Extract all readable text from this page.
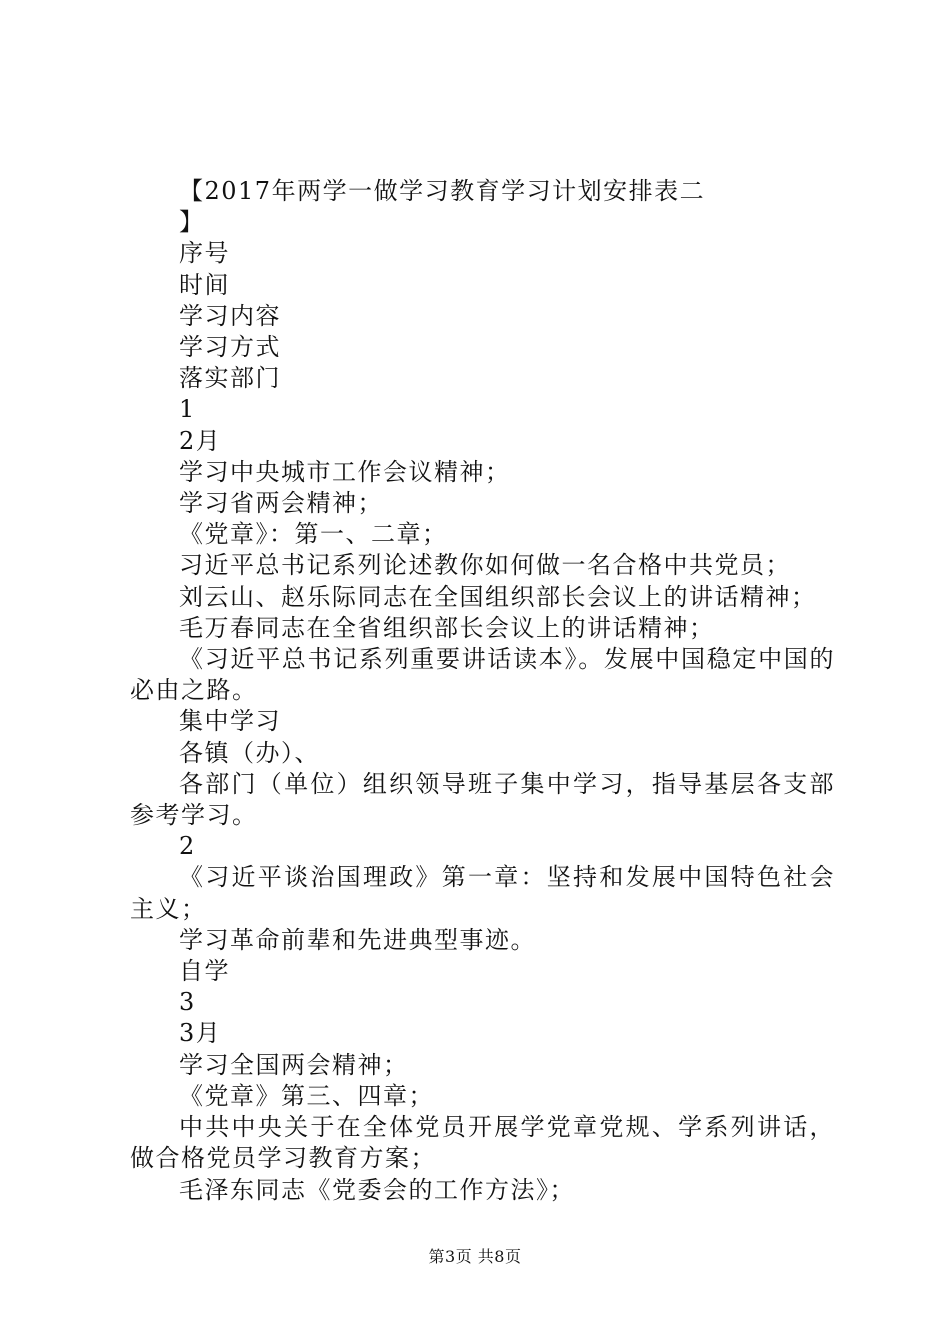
【2017年两学一做学习教育学习计划安排表二
】
序号
时间
学习内容
学习方式
落实部门
1
2月
学习中央城市工作会议精神；
学习省两会精神；
《党章》：第一、二章；
习近平总书记系列论述教你如何做一名合格中共党员；
刘云山、赵乐际同志在全国组织部长会议上的讲话精神；
毛万春同志在全省组织部长会议上的讲话精神；
《习近平总书记系列重要讲话读本》。发展中国稳定中国的必由之路。
集中学习
各镇（办）、
各部门（单位）组织领导班子集中学习，指导基层各支部参考学习。
2
《习近平谈治国理政》第一章：坚持和发展中国特色社会主义；
学习革命前辈和先进典型事迹。
自学
3
3月
学习全国两会精神；
《党章》第三、四章；
中共中央关于在全体党员开展学党章党规、学系列讲话，做合格党员学习教育方案；
毛泽东同志《党委会的工作方法》；
第3页 共8页
